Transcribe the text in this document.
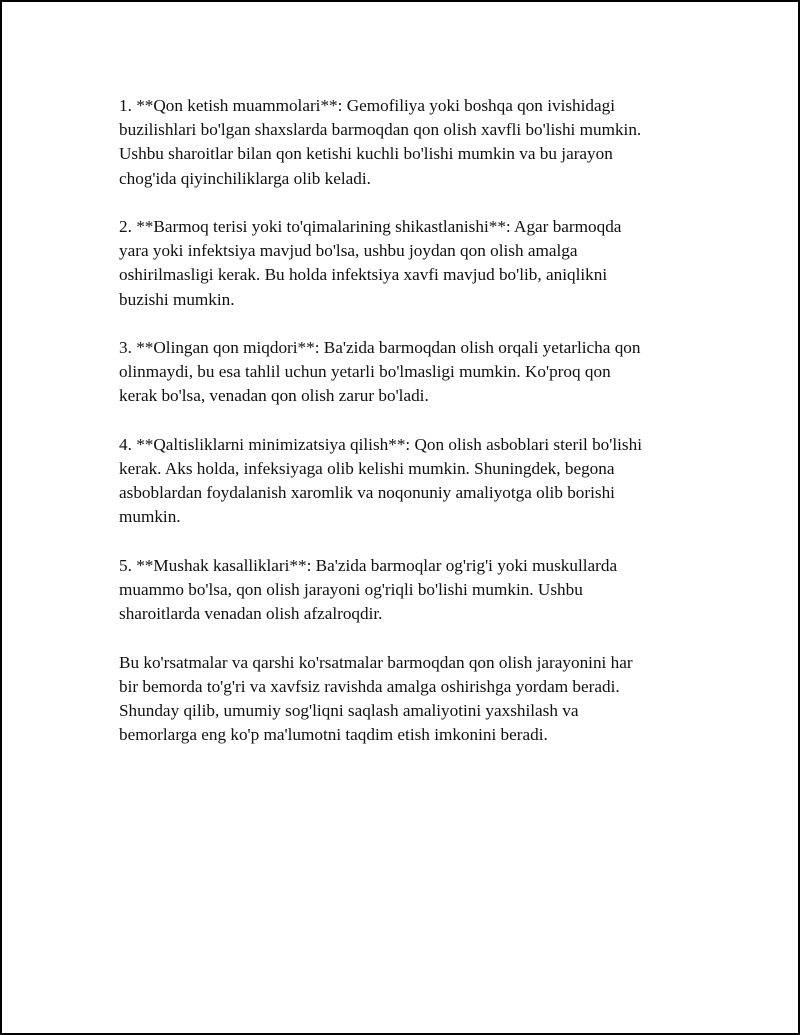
1. **Qon ketish muammolari**: Gemofiliya yoki boshqa qon ivishidagi
buzilishlari bo'lgan shaxslarda barmoqdan qon olish xavfli bo'lishi mumkin.
Ushbu sharoitlar bilan qon ketishi kuchli bo'lishi mumkin va bu jarayon
chog'ida qiyinchiliklarga olib keladi.

2. **Barmoq terisi yoki to'qimalarining shikastlanishi**: Agar barmoqda
yara yoki infektsiya mavjud bo'lsa, ushbu joydan qon olish amalga
oshirilmasligi kerak. Bu holda infektsiya xavfi mavjud bo'lib, aniqlikni
buzishi mumkin.

3. **Olingan qon miqdori**: Ba'zida barmoqdan olish orqali yetarlicha qon
olinmaydi, bu esa tahlil uchun yetarli bo'lmasligi mumkin. Ko'proq qon
kerak bo'lsa, venadan qon olish zarur bo'ladi.

4. **Qaltisliklarni minimizatsiya qilish**: Qon olish asboblari steril bo'lishi
kerak. Aks holda, infeksiyaga olib kelishi mumkin. Shuningdek, begona
asboblardan foydalanish xaromlik va noqonuniy amaliyotga olib borishi
mumkin.

5. **Mushak kasalliklari**: Ba'zida barmoqlar og'rig'i yoki muskullarda
muammo bo'lsa, qon olish jarayoni og'riqli bo'lishi mumkin. Ushbu
sharoitlarda venadan olish afzalroqdir.

Bu ko'rsatmalar va qarshi ko'rsatmalar barmoqdan qon olish jarayonini har
bir bemorda to'g'ri va xavfsiz ravishda amalga oshirishga yordam beradi.
Shunday qilib, umumiy sog'liqni saqlash amaliyotini yaxshilash va
bemorlarga eng ko'p ma'lumotni taqdim etish imkonini beradi.
